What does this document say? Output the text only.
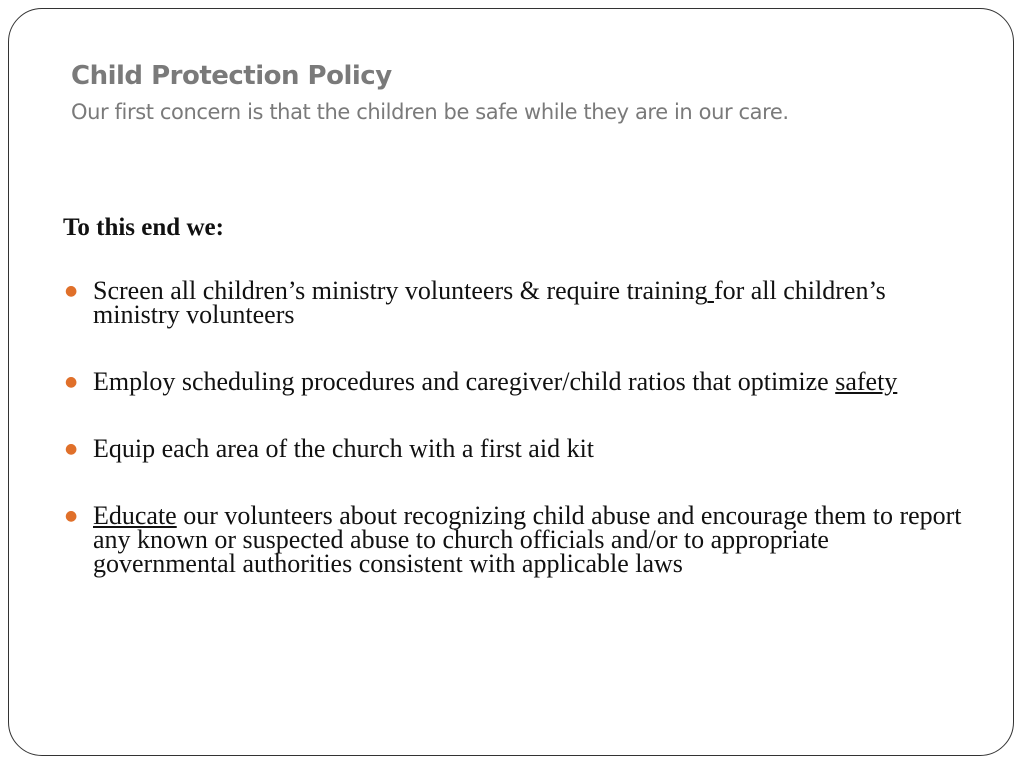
Child Protection Policy

Our first concern is that the children be safe while they are in our care.

To this end we:

● Screen all children’s ministry volunteers & require training for all children’s ministry volunteers
● Employ scheduling procedures and caregiver/child ratios that optimize safety
● Equip each area of the church with a first aid kit
● Educate our volunteers about recognizing child abuse and encourage them to report any known or suspected abuse to church officials and/or to appropriate governmental authorities consistent with applicable laws
